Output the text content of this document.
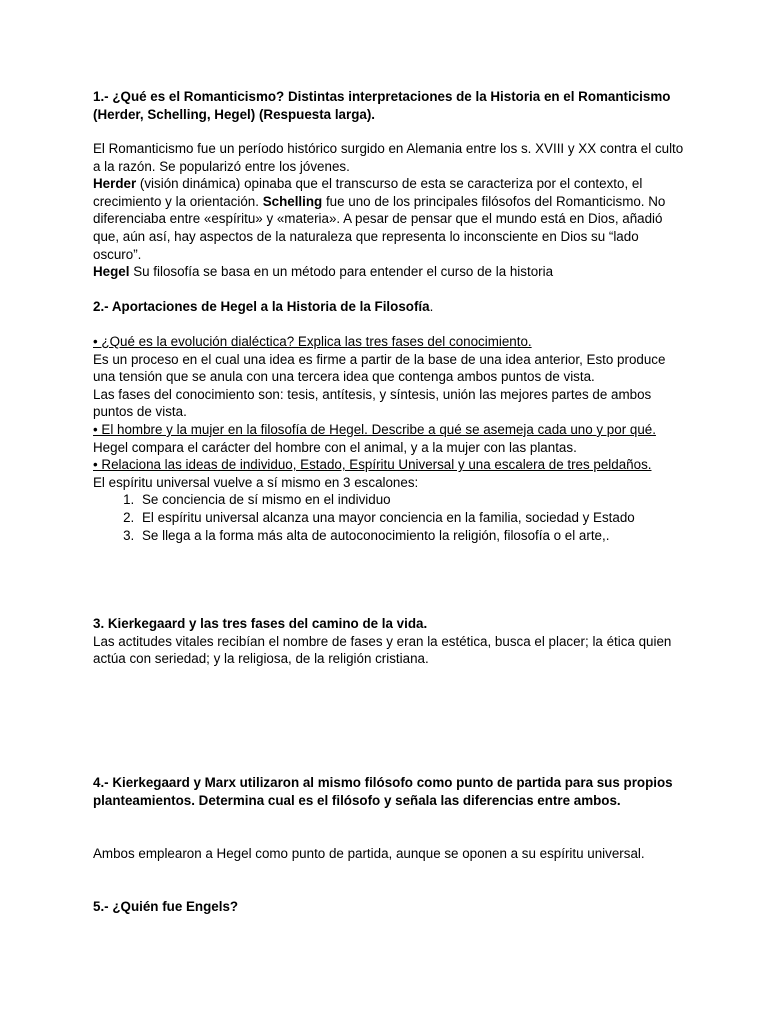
1.- ¿Qué es el Romanticismo? Distintas interpretaciones de la Historia en el Romanticismo (Herder, Schelling, Hegel) (Respuesta larga).

El Romanticismo fue un período histórico surgido en Alemania entre los s. XVIII y XX contra el culto a la razón. Se popularizó entre los jóvenes.

Herder (visión dinámica) opinaba que el transcurso de esta se caracteriza por el contexto, el crecimiento y la orientación. Schelling fue uno de los principales filósofos del Romanticismo. No diferenciaba entre «espíritu» y «materia». A pesar de pensar que el mundo está en Dios, añadió que, aún así, hay aspectos de la naturaleza que representa lo inconsciente en Dios su “lado oscuro”.

Hegel Su filosofía se basa en un método para entender el curso de la historia

2.- Aportaciones de Hegel a la Historia de la Filosofía.

• ¿Qué es la evolución dialéctica? Explica las tres fases del conocimiento.

Es un proceso en el cual una idea es firme a partir de la base de una idea anterior, Esto produce una tensión que se anula con una tercera idea que contenga ambos puntos de vista.

Las fases del conocimiento son: tesis, antítesis, y síntesis, unión las mejores partes de ambos puntos de vista.

• El hombre y la mujer en la filosofía de Hegel. Describe a qué se asemeja cada uno y por qué.

Hegel compara el carácter del hombre con el animal, y a la mujer con las plantas.

• Relaciona las ideas de individuo, Estado, Espíritu Universal y una escalera de tres peldaños.

El espíritu universal vuelve a sí mismo en 3 escalones:

1. Se conciencia de sí mismo en el individuo
2. El espíritu universal alcanza una mayor conciencia en la familia, sociedad y Estado
3. Se llega a la forma más alta de autoconocimiento la religión, filosofía o el arte,.

3. Kierkegaard y las tres fases del camino de la vida.

Las actitudes vitales recibían el nombre de fases y eran la estética, busca el placer; la ética quien actúa con seriedad; y la religiosa, de la religión cristiana.

4.- Kierkegaard y Marx utilizaron al mismo filósofo como punto de partida para sus propios planteamientos. Determina cual es el filósofo y señala las diferencias entre ambos.

Ambos emplearon a Hegel como punto de partida, aunque se oponen a su espíritu universal.

5.- ¿Quién fue Engels?
